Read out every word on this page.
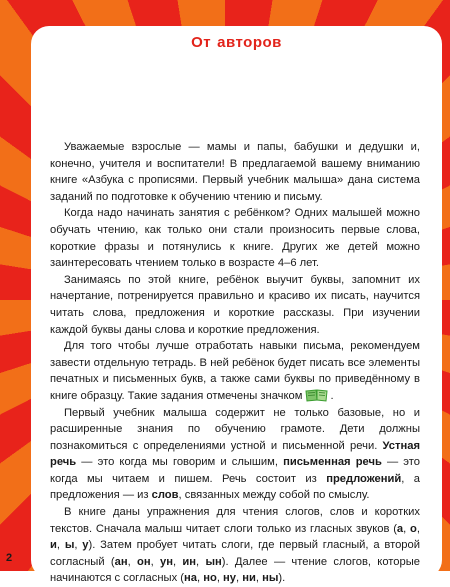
От авторов

Уважаемые взрослые — мамы и папы, бабушки и дедушки и, конечно, учителя и воспитатели! В предлагаемой вашему вниманию книге «Азбука с прописями. Первый учебник малыша» дана система заданий по подготовке к обучению чтению и письму.

Когда надо начинать занятия с ребёнком? Одних малышей можно обучать чтению, как только они стали произносить первые слова, короткие фразы и потянулись к книге. Других же детей можно заинтересовать чтением только в возрасте 4–6 лет.

Занимаясь по этой книге, ребёнок выучит буквы, запомнит их начертание, потренируется правильно и красиво их писать, научится читать слова, предложения и короткие рассказы. При изучении каждой буквы даны слова и короткие предложения.

Для того чтобы лучше отработать навыки письма, рекомендуем завести отдельную тетрадь. В ней ребёнок будет писать все элементы печатных и письменных букв, а также сами буквы по приведённому в книге образцу. Такие задания отмечены значком	.

Первый учебник малыша содержит не только базовые, но и расширенные знания по обучению грамоте. Дети должны познакомиться с определениями устной и письменной речи. Устная речь — это когда мы говорим и слышим, письменная речь — это когда мы читаем и пишем. Речь состоит из предложений, а предложения — из слов, связанных между собой по смыслу.

В книге даны упражнения для чтения слогов, слов и коротких текстов. Сначала малыш читает слоги только из гласных звуков (а, о, и, ы, у). Затем пробует читать слоги, где первый гласный, а второй согласный (ан, он, ун, ин, ын). Далее — чтение слогов, которые начинаются с согласных (на, но, ну, ни, ны).

2
